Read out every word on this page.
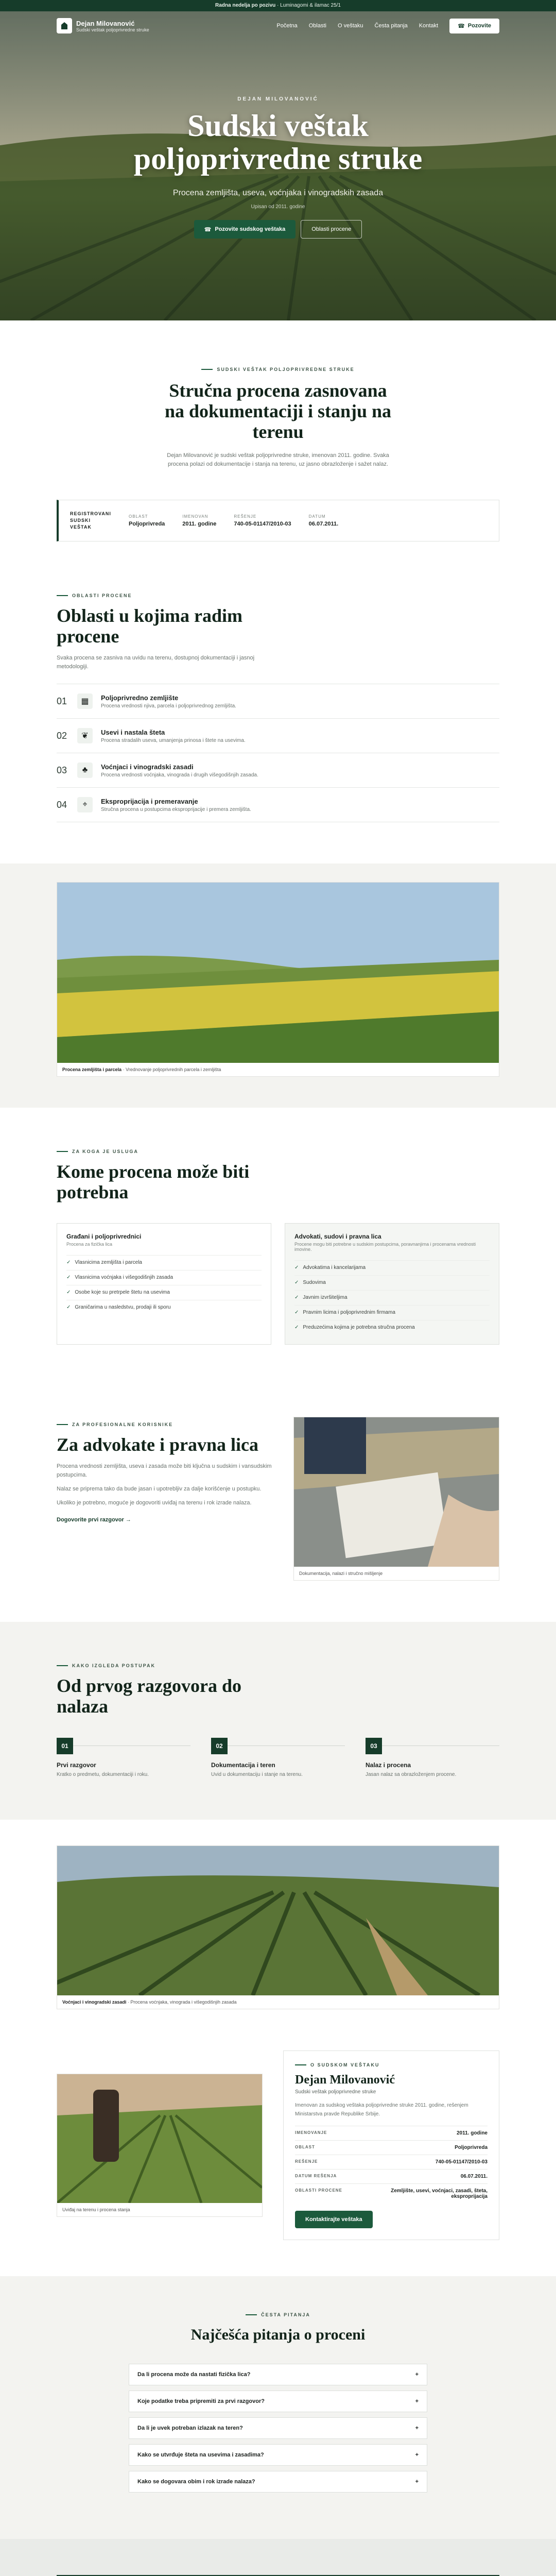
Radna nedelja po pozivu · Luminagomi & ilamac 25/1
Dejan Milovanović
Sudski veštak poljoprivredne struke
Početna Oblasti O veštaku Česta pitanja Kontakt	☎ Pozovite
DEJAN MILOVANOVIĆ
Sudski veštak
poljoprivredne struke

Procena zemljišta, useva, voćnjaka i vinogradskih zasada

Upisan od 2011. godine

☎ Pozovite sudskog veštaka	Oblasti procene
SUDSKI VEŠTAK POLJOPRIVREDNE STRUKE
Stručna procena zasnovana na dokumentaciji i stanju na terenu

Dejan Milovanović je sudski veštak poljoprivredne struke, imenovan 2011. godine. Svaka procena polazi od dokumentacije i stanja na terenu, uz jasno obrazloženje i sažet nalaz.

REGISTROVANI SUDSKI VEŠTAK
OBLAST
Poljoprivreda
IMENOVAN
2011. godine
REŠENJE
740-05-01147/2010-03
DATUM
06.07.2011.
OBLASTI PROCENE
Oblasti u kojima radim procene

Svaka procena se zasniva na uvidu na terenu, dostupnoj dokumentaciji i jasnoj metodologiji.

01	▦	Poljoprivredno zemljište
Procena vrednosti njiva, parcela i poljoprivrednog zemljišta.
02	❦	Usevi i nastala šteta
Procena stradalih useva, umanjenja prinosa i štete na usevima.
03	♣	Voćnjaci i vinogradski zasadi
Procena vrednosti voćnjaka, vinograda i drugih višegodišnjih zasada.
04	⌖	Eksproprijacija i premeravanje
Stručna procena u postupcima eksproprijacije i premera zemljišta.
Procena zemljišta i parcela · Vrednovanje poljoprivrednih parcela i zemljišta
ZA KOGA JE USLUGA
Kome procena može biti potrebna
Građani i poljoprivrednici
Procena za fizička lica
✓ Vlasnicima zemljišta i parcela
✓ Vlasnicima voćnjaka i višegodišnjih zasada
✓ Osobe koje su pretrpele štetu na usevima
✓ Graničarima u nasledstvu, prodaji ili sporu
Advokati, sudovi i pravna lica
Procene mogu biti potrebne u sudskim postupcima, poravnanjima i procenama vrednosti imovine.
✓ Advokatima i kancelarijama
✓ Sudovima
✓ Javnim izvršiteljima
✓ Pravnim licima i poljoprivrednim firmama
✓ Preduzećima kojima je potrebna stručna procena
ZA PROFESIONALNE KORISNIKE
Za advokate i pravna lica

Procena vrednosti zemljišta, useva i zasada može biti ključna u sudskim i vansudskim postupcima.

Nalaz se priprema tako da bude jasan i upotrebljiv za dalje korišćenje u postupku.

Ukoliko je potrebno, moguće je dogovoriti uviđaj na terenu i rok izrade nalaza.

Dogovorite prvi razgovor →
Dokumentacija, nalazi i stručno mišljenje
KAKO IZGLEDA POSTUPAK
Od prvog razgovora do nalaza
01
Prvi razgovor

Kratko o predmetu, dokumentaciji i roku.

02
Dokumentacija i teren

Uvid u dokumentaciju i stanje na terenu.

03
Nalaz i procena

Jasan nalaz sa obrazloženjem procene.

Voćnjaci i vinogradski zasadi · Procena voćnjaka, vinograda i višegodišnjih zasada
Uviđaj na terenu i procena stanja
O SUDSKOM VEŠTAKU
Dejan Milovanović
Sudski veštak poljoprivredne struke

Imenovan za sudskog veštaka poljoprivredne struke 2011. godine, rešenjem Ministarstva pravde Republike Srbije.

IMENOVANJE	2011. godine
OBLAST	Poljoprivreda
REŠENJE	740-05-01147/2010-03
DATUM REŠENJA	06.07.2011.
OBLASTI PROCENE	Zemljište, usevi, voćnjaci, zasadi, šteta, eksproprijacija
Kontaktirajte veštaka
ČESTA PITANJA
Najčešća pitanja o proceni
Da li procena može da nastati fizička lica?	+
Koje podatke treba pripremiti za prvi razgovor?	+
Da li je uvek potreban izlazak na teren?	+
Kako se utvrđuje šteta na usevima i zasadima?	+
Kako se dogovara obim i rok izrade nalaza?	+
